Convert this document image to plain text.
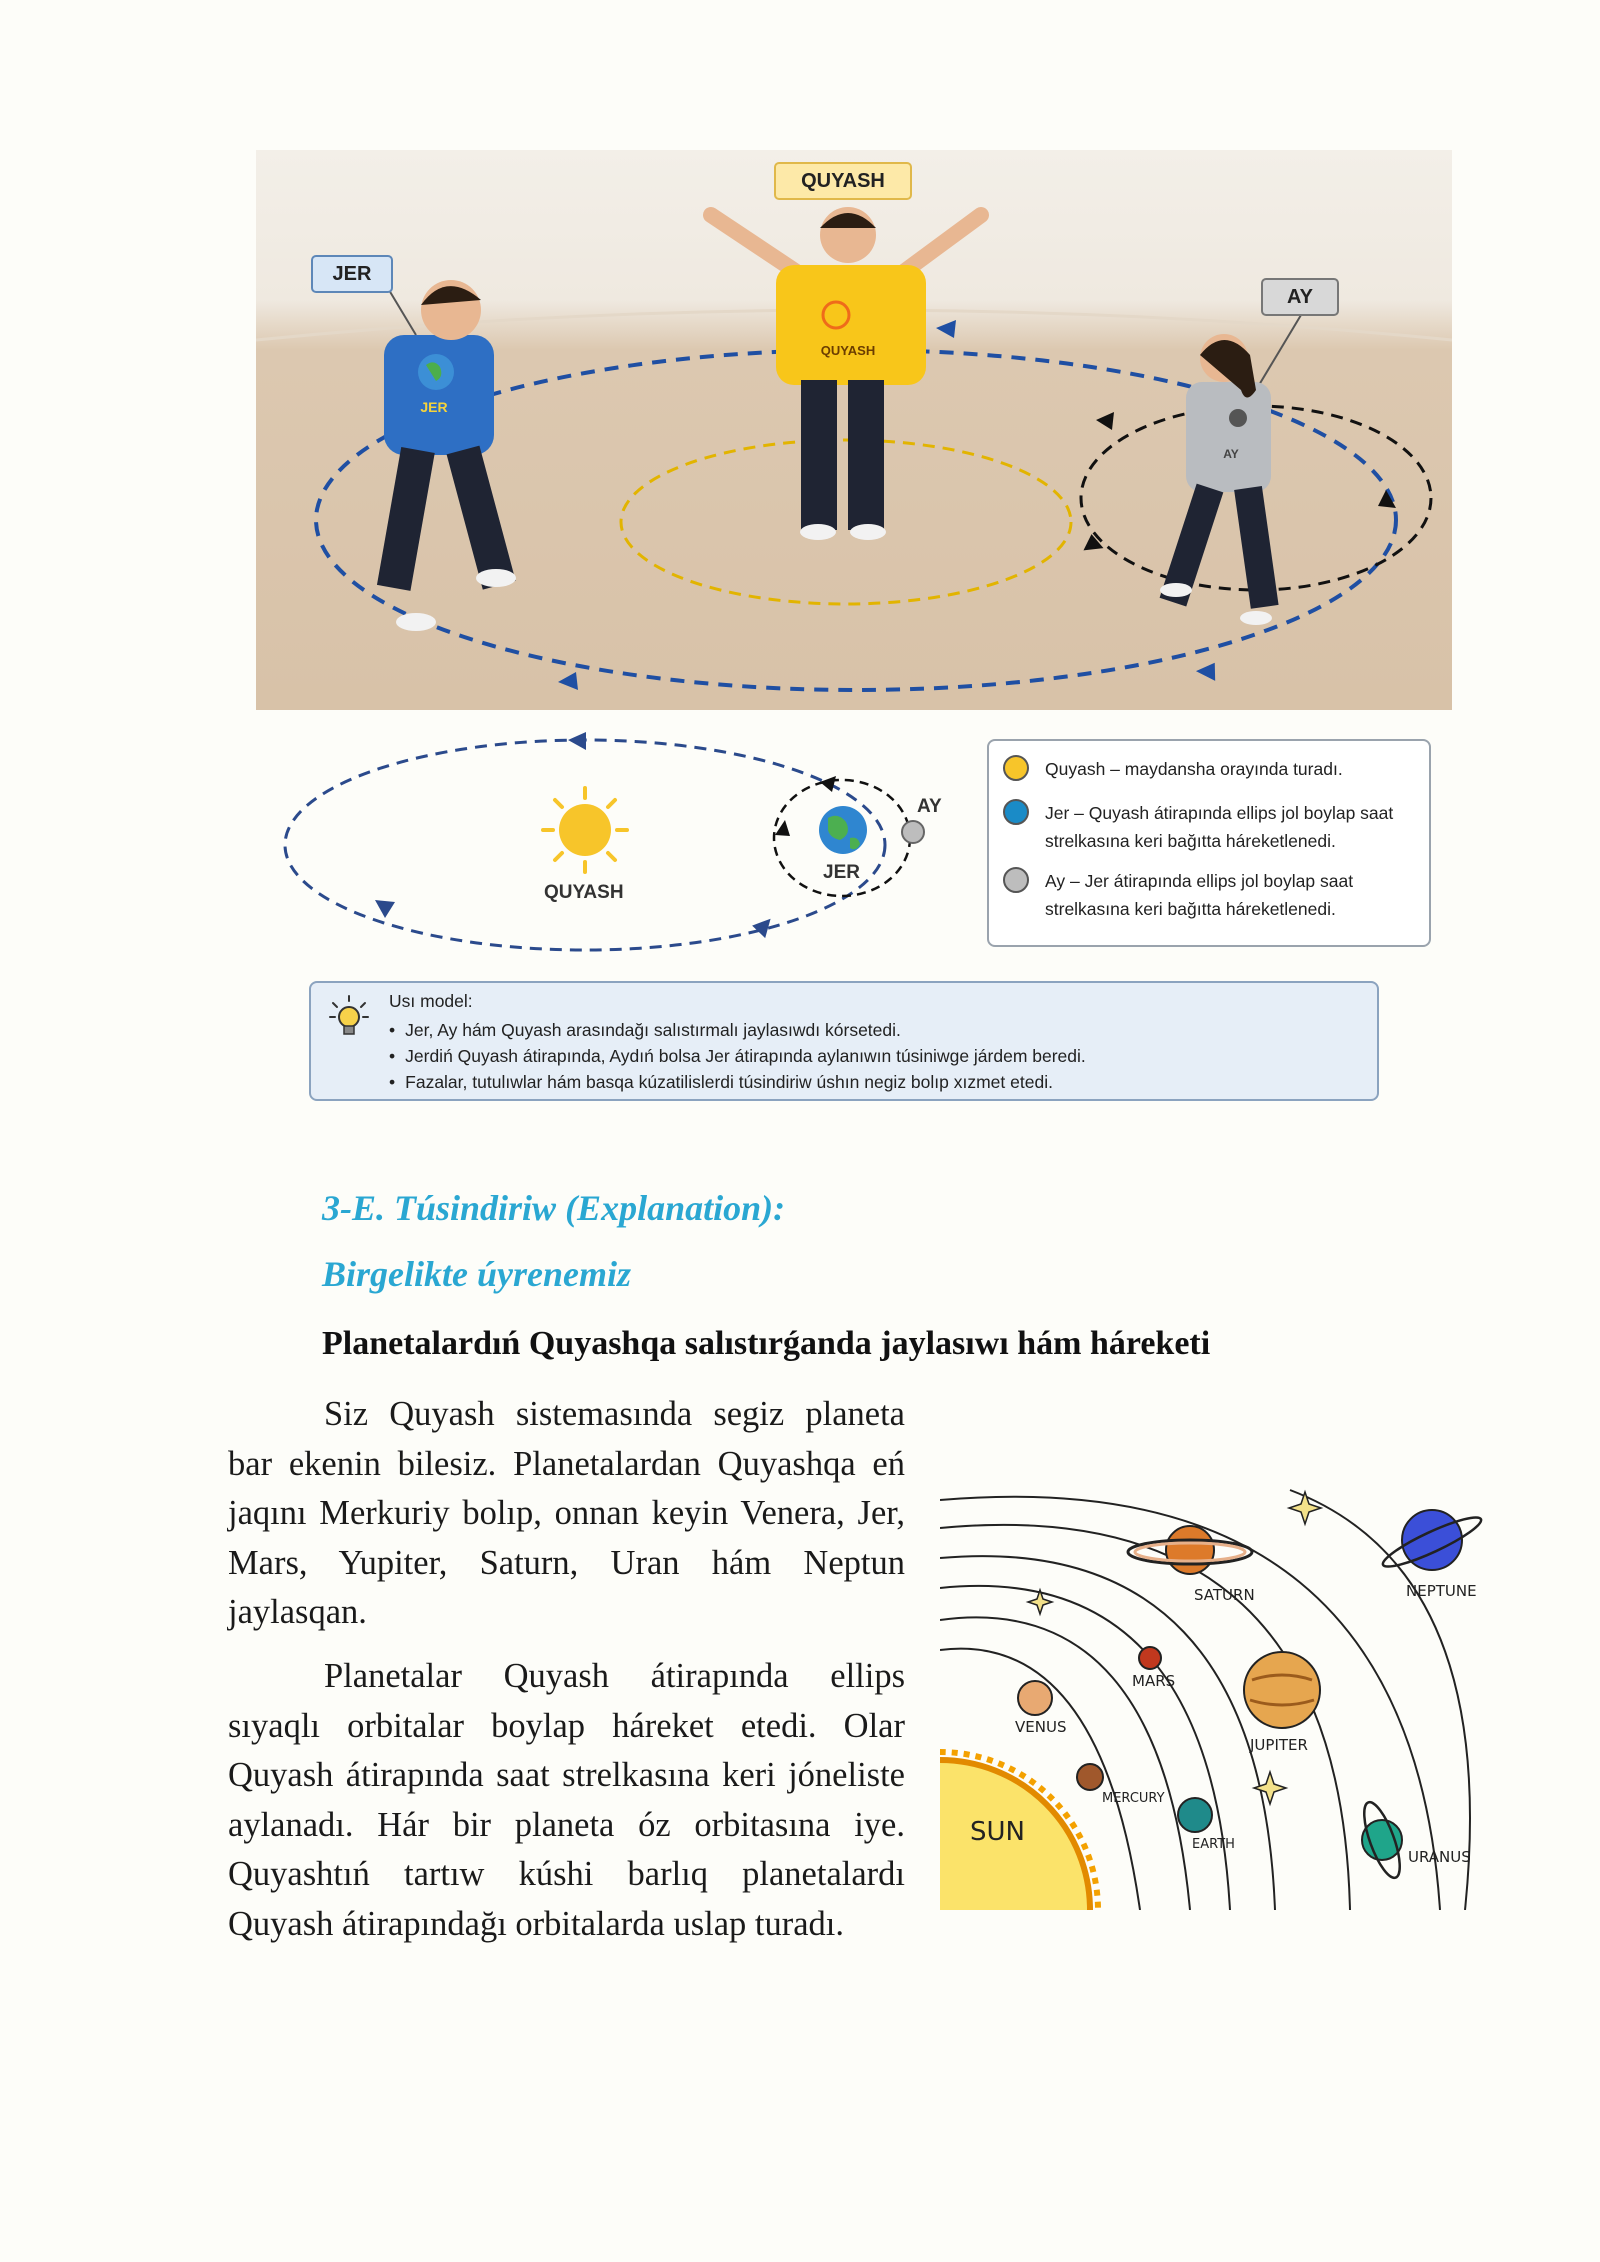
QUYASH
JER
AY
QUYASH
JER
AY
QUYASH
JER
AY
Quyash – maydansha orayında turadı.
Jer – Quyash átirapında ellips jol boylap saat strelkasına keri bağıtta háreketlenedi.
Ay – Jer átirapında ellips jol boylap saat strelkasına keri bağıtta háreketlenedi.
Usı model:
• Jer, Ay hám Quyash arasındağı salıstırmalı jaylasıwdı kórsetedi.
• Jerdiń Quyash átirapında, Aydıń bolsa Jer átirapında aylanıwın túsiniwge járdem beredi.
• Fazalar, tutulıwlar hám basqa kúzatilislerdi túsindiriw úshın negiz bolıp xızmet etedi.
3-E. Túsindiriw (Explanation):
Birgelikte úyrenemiz
Planetalardıń Quyashqa salıstırǵanda jaylasıwı hám háreketi

Siz Quyash sistemasında segiz planeta bar ekenin bilesiz. Planetalardan Quyashqa eń jaqını Merkuriy bolıp, onnan keyin Venera, Jer, Mars, Yupiter, Saturn, Uran hám Neptun jaylasqan.

Planetalar Quyash átirapında ellips sıyaqlı orbitalar boylap háreket etedi. Olar Quyash átirapında saat strelkasına keri jóneliste aylanadı. Hár bir planeta óz orbitasına iye. Quyashtıń tartıw kúshi barlıq planetalardı Quyash átirapındağı orbitalarda uslap turadı.

SUN
VENUS
MERCURY
EARTH
MARS
JUPITER
SATURN
URANUS
NEPTUNE
